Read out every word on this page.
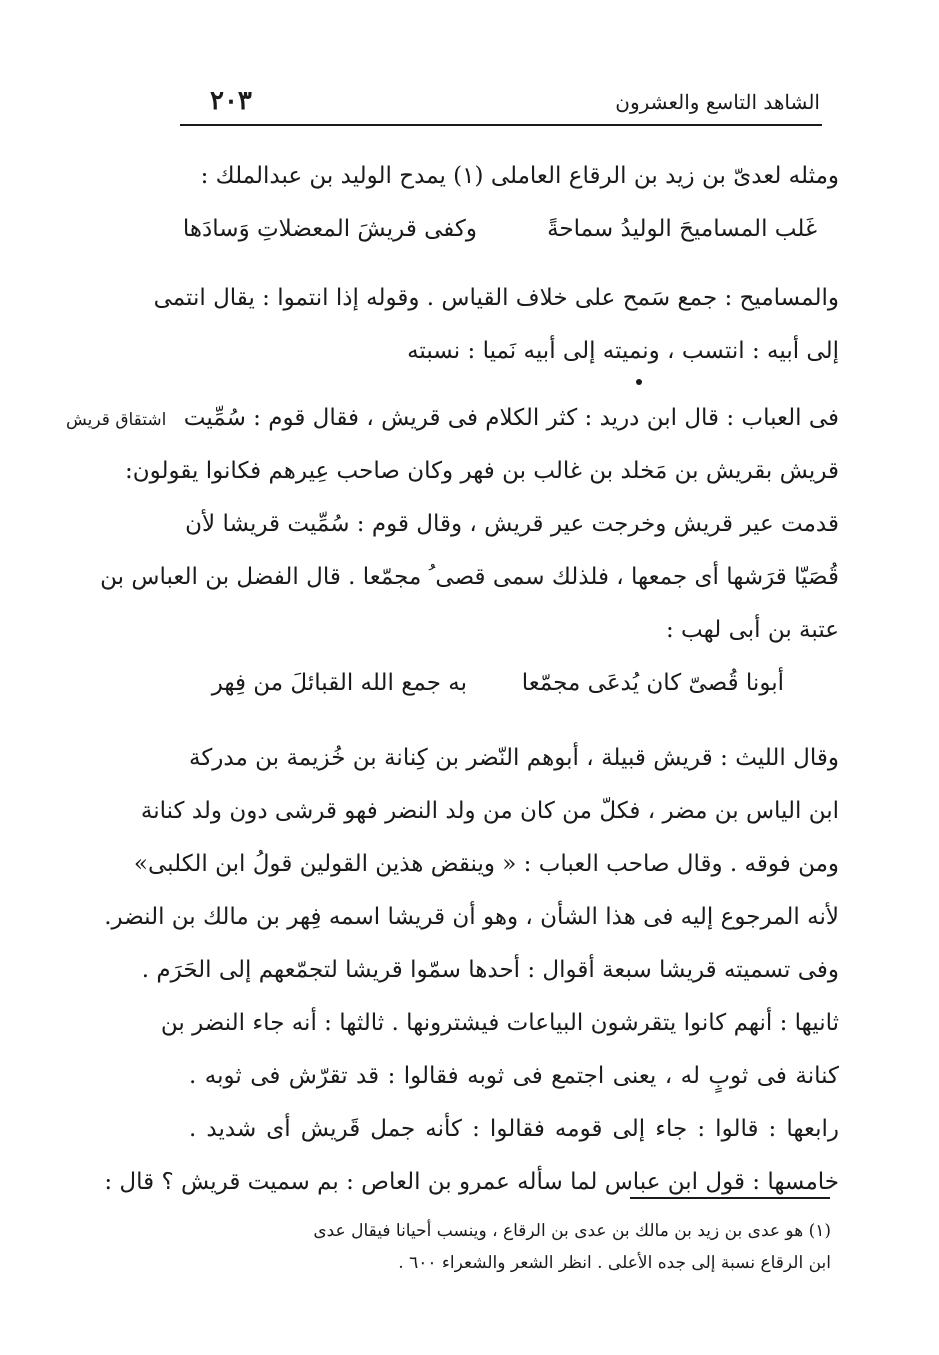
الشاهد التاسع والعشرون
٢٠٣
ومثله لعدىّ بن زيد بن الرقاع العاملى (١) يمدح الوليد بن عبدالملك :
غَلب المساميحَ الوليدُ سماحةً
وكفى قريشَ المعضلاتِ وَسادَها
والمساميح : جمع سَمح على خلاف القياس . وقوله إذا انتموا : يقال انتمى
إلى أبيه : انتسب ، ونميته إلى أبيه نَميا : نسبته
اشتقاق قريش فى العباب : قال ابن دريد : كثر الكلام فى قريش ، فقال قوم : سُمِّيت
قريش بقريش بن مَخلد بن غالب بن فهر وكان صاحب عِيرهم فكانوا يقولون:
قدمت عير قريش وخرجت عير قريش ، وقال قوم : سُمِّيت قريشا لأن
قُصَيّا قرَشها أى جمعها ، فلذلك سمى قصى ُ مجمّعا . قال الفضل بن العباس بن
عتبة بن أبى لهب :
أبونا قُصىّ كان يُدعَى مجمّعا
به جمع الله القبائلَ من فِهر
وقال الليث : قريش قبيلة ، أبوهم النّضر بن كِنانة بن خُزيمة بن مدركة
ابن الياس بن مضر ، فكلّ من كان من ولد النضر فهو قرشى دون ولد كنانة
ومن فوقه . وقال صاحب العباب : « وينقض هذين القولين قولُ ابن الكلبى»
لأنه المرجوع إليه فى هذا الشأن ، وهو أن قريشا اسمه فِهر بن مالك بن النضر.
وفى تسميته قريشا سبعة أقوال : أحدها سمّوا قريشا لتجمّعهم إلى الحَرَم .
ثانيها : أنهم كانوا يتقرشون البياعات فيشترونها . ثالثها : أنه جاء النضر بن
كنانة فى ثوبٍ له ، يعنى اجتمع فى ثوبه فقالوا : قد تقرّش فى ثوبه .
رابعها : قالوا : جاء إلى قومه فقالوا : كأنه جمل قَريش أى شديد .
خامسها : قول ابن عباس لما سأله عمرو بن العاص : بم سميت قريش ؟ قال :
(١) هو عدى بن زيد بن مالك بن عدى بن الرقاع ، وينسب أحيانا فيقال عدى
ابن الرقاع نسبة إلى جده الأعلى . انظر الشعر والشعراء ٦٠٠ .
